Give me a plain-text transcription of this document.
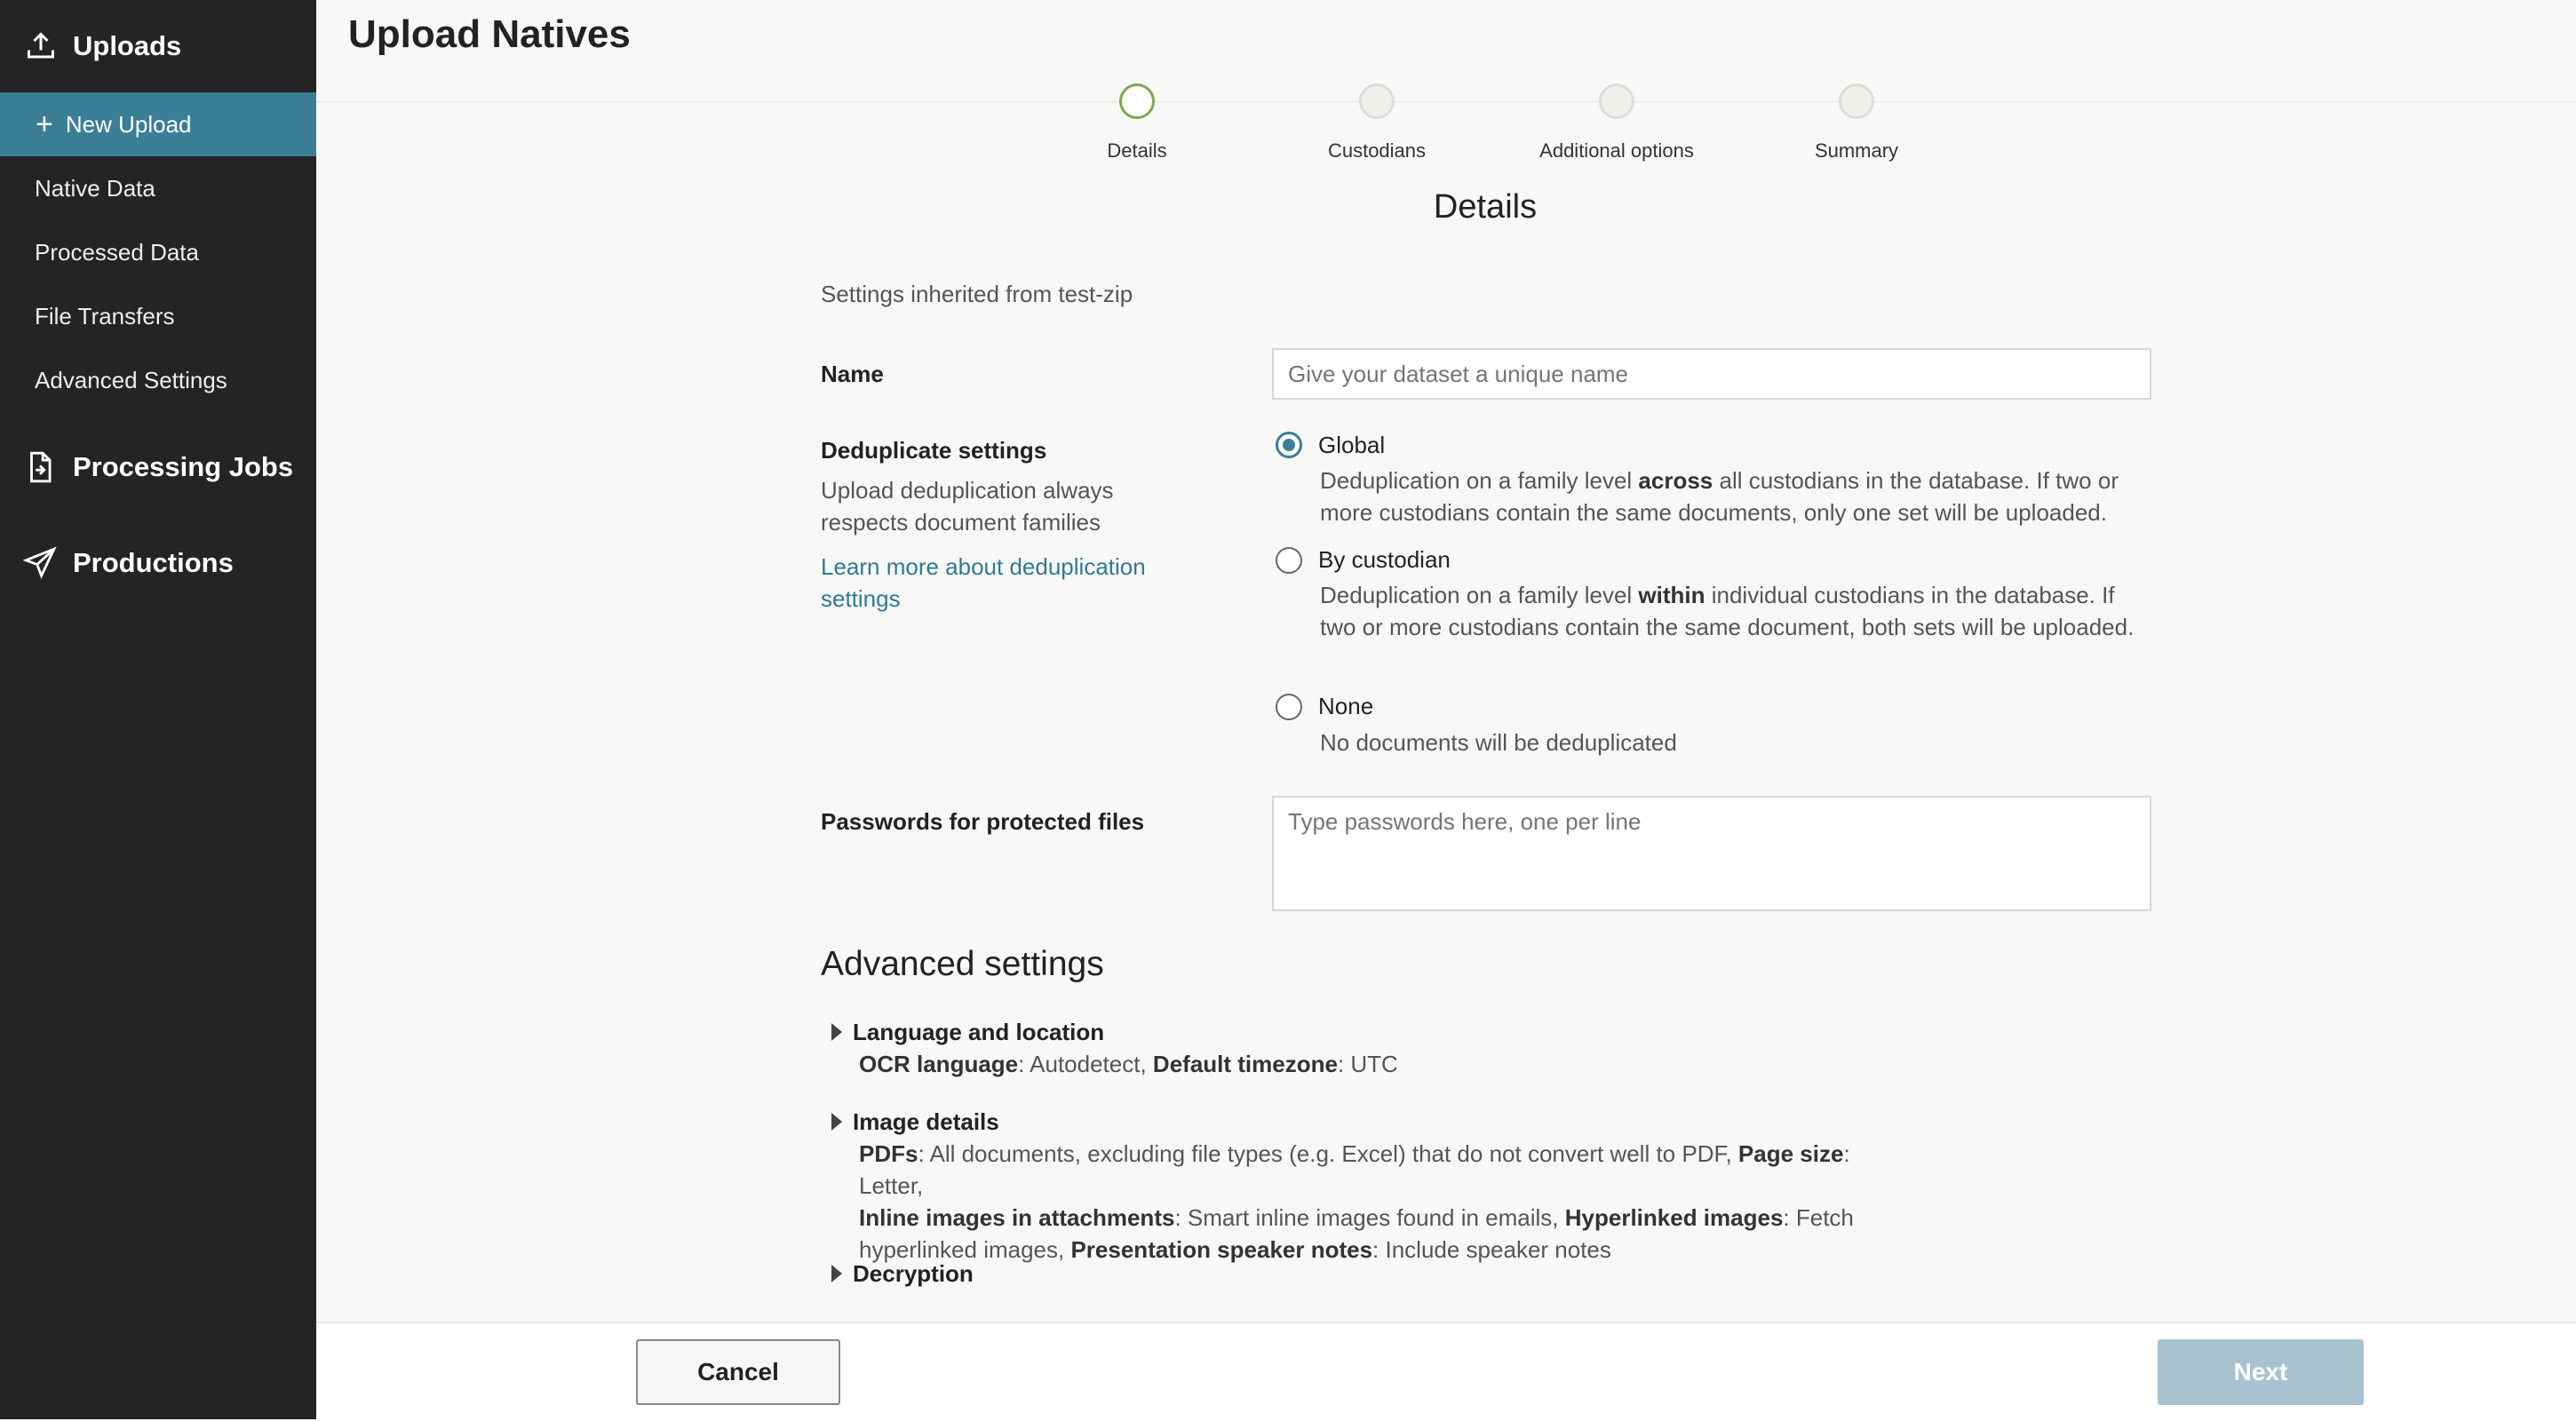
Uploads
+ New Upload
Native Data
Processed Data
File Transfers
Advanced Settings
Processing Jobs
Productions
Upload Natives
Details	Custodians	Additional options	Summary
Details
Settings inherited from test-zip
Name
Give your dataset a unique name
Deduplicate settings
Upload deduplication always respects document families
Learn more about deduplication settings
Global
Deduplication on a family level across all custodians in the database. If two or more custodians contain the same documents, only one set will be uploaded.
By custodian
Deduplication on a family level within individual custodians in the database. If two or more custodians contain the same document, both sets will be uploaded.
None
No documents will be deduplicated
Passwords for protected files
Type passwords here, one per line
Advanced settings
Language and location
OCR language: Autodetect, Default timezone: UTC
Image details
PDFs: All documents, excluding file types (e.g. Excel) that do not convert well to PDF, Page size: Letter,
Inline images in attachments: Smart inline images found in emails, Hyperlinked images: Fetch hyperlinked images, Presentation speaker notes: Include speaker notes
Decryption
Cancel	Next
